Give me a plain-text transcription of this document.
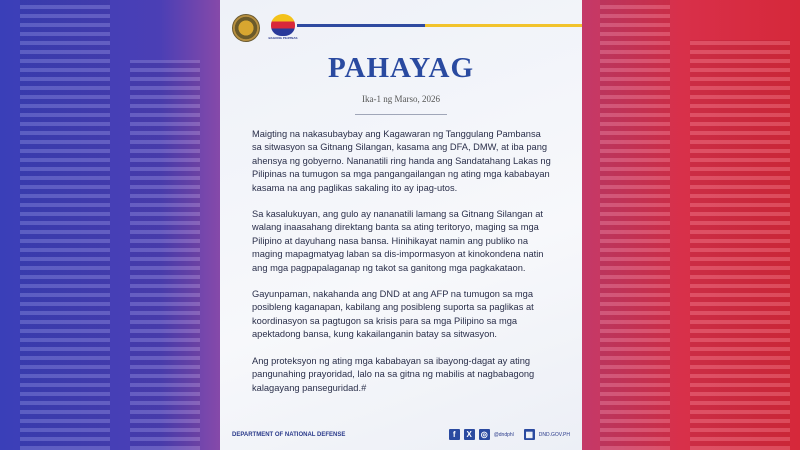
BAGONG PILIPINAS
PAHAYAG
Ika-1 ng Marso, 2026

Maigting na nakasubaybay ang Kagawaran ng Tanggulang Pambansa sa sitwasyon sa Gitnang Silangan, kasama ang DFA, DMW, at iba pang ahensya ng gobyerno. Nananatili ring handa ang Sandatahang Lakas ng Pilipinas na tumugon sa mga pangangailangan ng ating mga kababayan kasama na ang paglikas sakaling ito ay ipag-utos.

Sa kasalukuyan, ang gulo ay nananatili lamang sa Gitnang Silangan at walang inaasahang direktang banta sa ating teritoryo, maging sa mga Pilipino at dayuhang nasa bansa. Hinihikayat namin ang publiko na maging mapagmatyag laban sa dis-impormasyon at kinokondena natin ang mga pagpapalaganap ng takot sa ganitong mga pagkakataon.

Gayunpaman, nakahanda ang DND at ang AFP na tumugon sa mga posibleng kaganapan, kabilang ang posibleng suporta sa paglikas at koordinasyon sa pagtugon sa krisis para sa mga Pilipino sa mga apektadong bansa, kung kakailanganin batay sa sitwasyon.

Ang proteksyon ng ating mga kababayan sa ibayong-dagat ay ating pangunahing prayoridad, lalo na sa gitna ng mabilis at nagbabagong kalagayang panseguridad.#

DEPARTMENT OF NATIONAL DEFENSE	f	X	◎	@dndphl ▦	DND.GOV.PH
